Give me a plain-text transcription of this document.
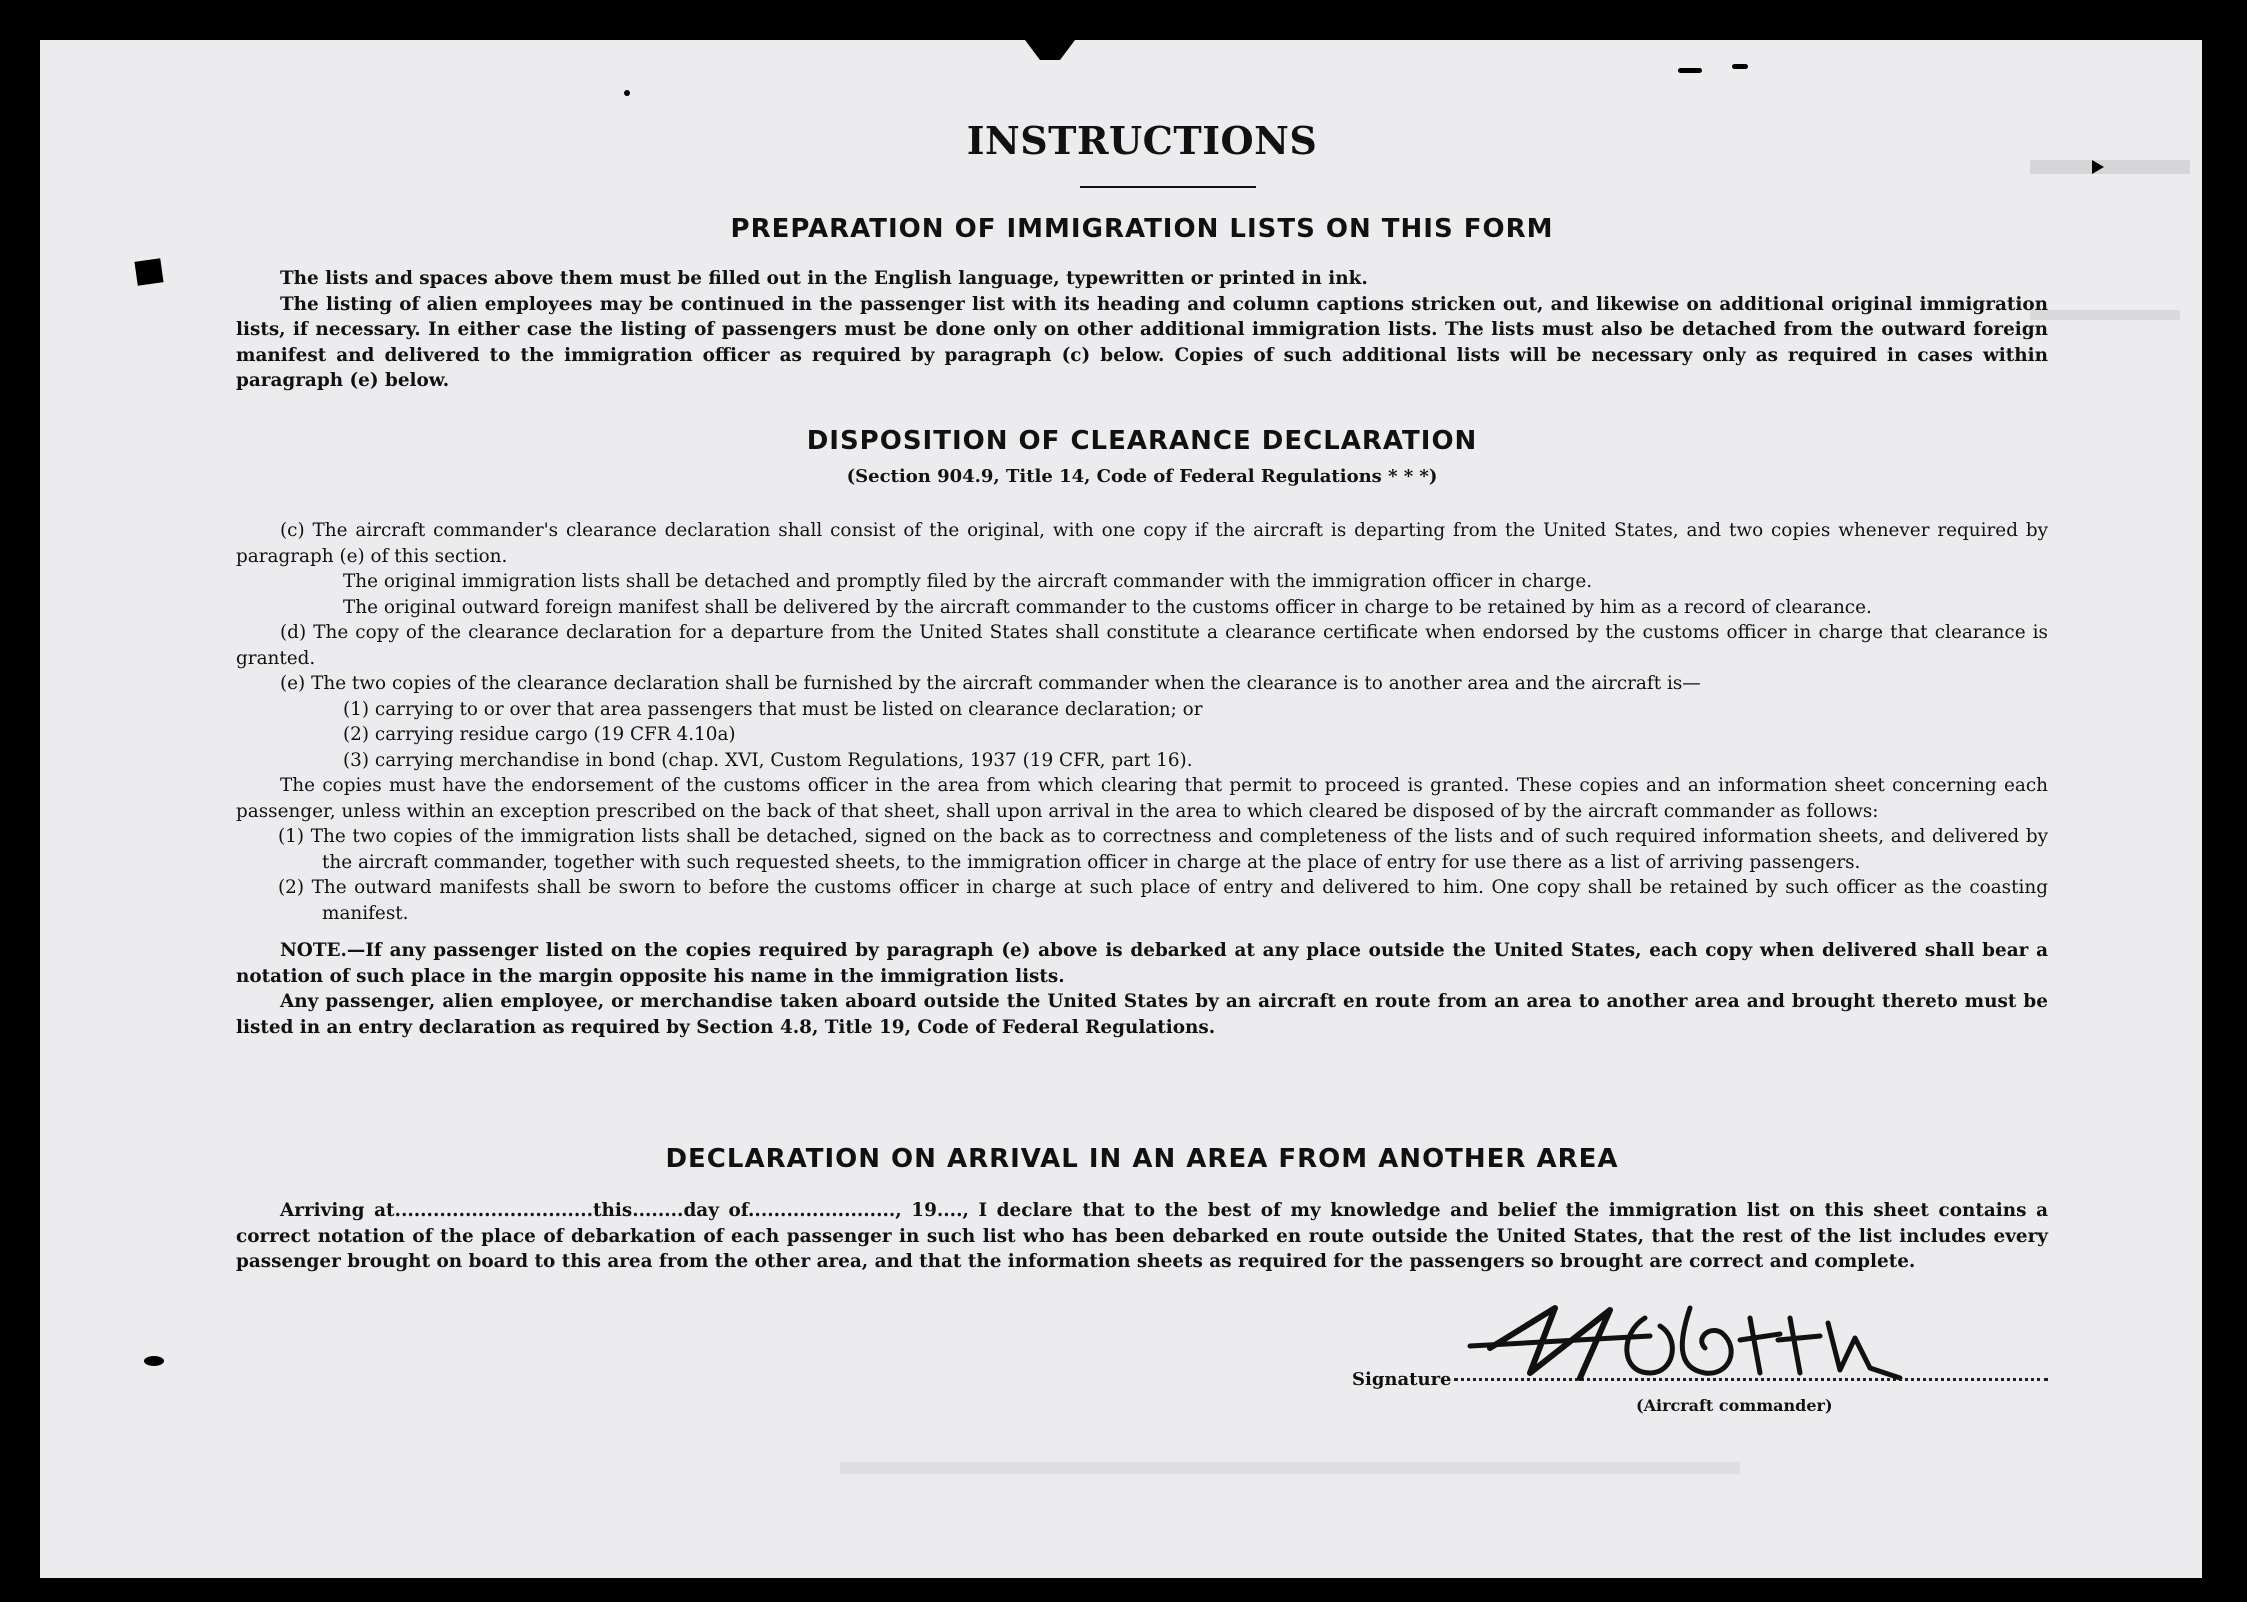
INSTRUCTIONS
PREPARATION OF IMMIGRATION LISTS ON THIS FORM

The lists and spaces above them must be filled out in the English language, typewritten or printed in ink.

The listing of alien employees may be continued in the passenger list with its heading and column captions stricken out, and likewise on additional original immigration lists, if necessary. In either case the listing of passengers must be done only on other additional immigration lists. The lists must also be detached from the outward foreign manifest and delivered to the immigration officer as required by paragraph (c) below. Copies of such additional lists will be necessary only as required in cases within paragraph (e) below.

DISPOSITION OF CLEARANCE DECLARATION
(Section 904.9, Title 14, Code of Federal Regulations * * *)

(c) The aircraft commander's clearance declaration shall consist of the original, with one copy if the aircraft is departing from the United States, and two copies whenever required by paragraph (e) of this section.

The original immigration lists shall be detached and promptly filed by the aircraft commander with the immigration officer in charge.

The original outward foreign manifest shall be delivered by the aircraft commander to the customs officer in charge to be retained by him as a record of clearance.

(d) The copy of the clearance declaration for a departure from the United States shall constitute a clearance certificate when endorsed by the customs officer in charge that clearance is granted.

(e) The two copies of the clearance declaration shall be furnished by the aircraft commander when the clearance is to another area and the aircraft is—

(1) carrying to or over that area passengers that must be listed on clearance declaration; or

(2) carrying residue cargo (19 CFR 4.10a)

(3) carrying merchandise in bond (chap. XVI, Custom Regulations, 1937 (19 CFR, part 16).

The copies must have the endorsement of the customs officer in the area from which clearing that permit to proceed is granted. These copies and an information sheet concerning each passenger, unless within an exception prescribed on the back of that sheet, shall upon arrival in the area to which cleared be disposed of by the aircraft commander as follows:

(1) The two copies of the immigration lists shall be detached, signed on the back as to correctness and completeness of the lists and of such required information sheets, and delivered by the aircraft commander, together with such requested sheets, to the immigration officer in charge at the place of entry for use there as a list of arriving passengers.

(2) The outward manifests shall be sworn to before the customs officer in charge at such place of entry and delivered to him. One copy shall be retained by such officer as the coasting manifest.

NOTE.—If any passenger listed on the copies required by paragraph (e) above is debarked at any place outside the United States, each copy when delivered shall bear a notation of such place in the margin opposite his name in the immigration lists.

Any passenger, alien employee, or merchandise taken aboard outside the United States by an aircraft en route from an area to another area and brought thereto must be listed in an entry declaration as required by Section 4.8, Title 19, Code of Federal Regulations.

DECLARATION ON ARRIVAL IN AN AREA FROM ANOTHER AREA

Arriving at...............................this........day of......................., 19...., I declare that to the best of my knowledge and belief the immigration list on this sheet contains a correct notation of the place of debarkation of each passenger in such list who has been debarked en route outside the United States, that the rest of the list includes every passenger brought on board to this area from the other area, and that the information sheets as required for the passengers so brought are correct and complete.

Signature
(Aircraft commander)
